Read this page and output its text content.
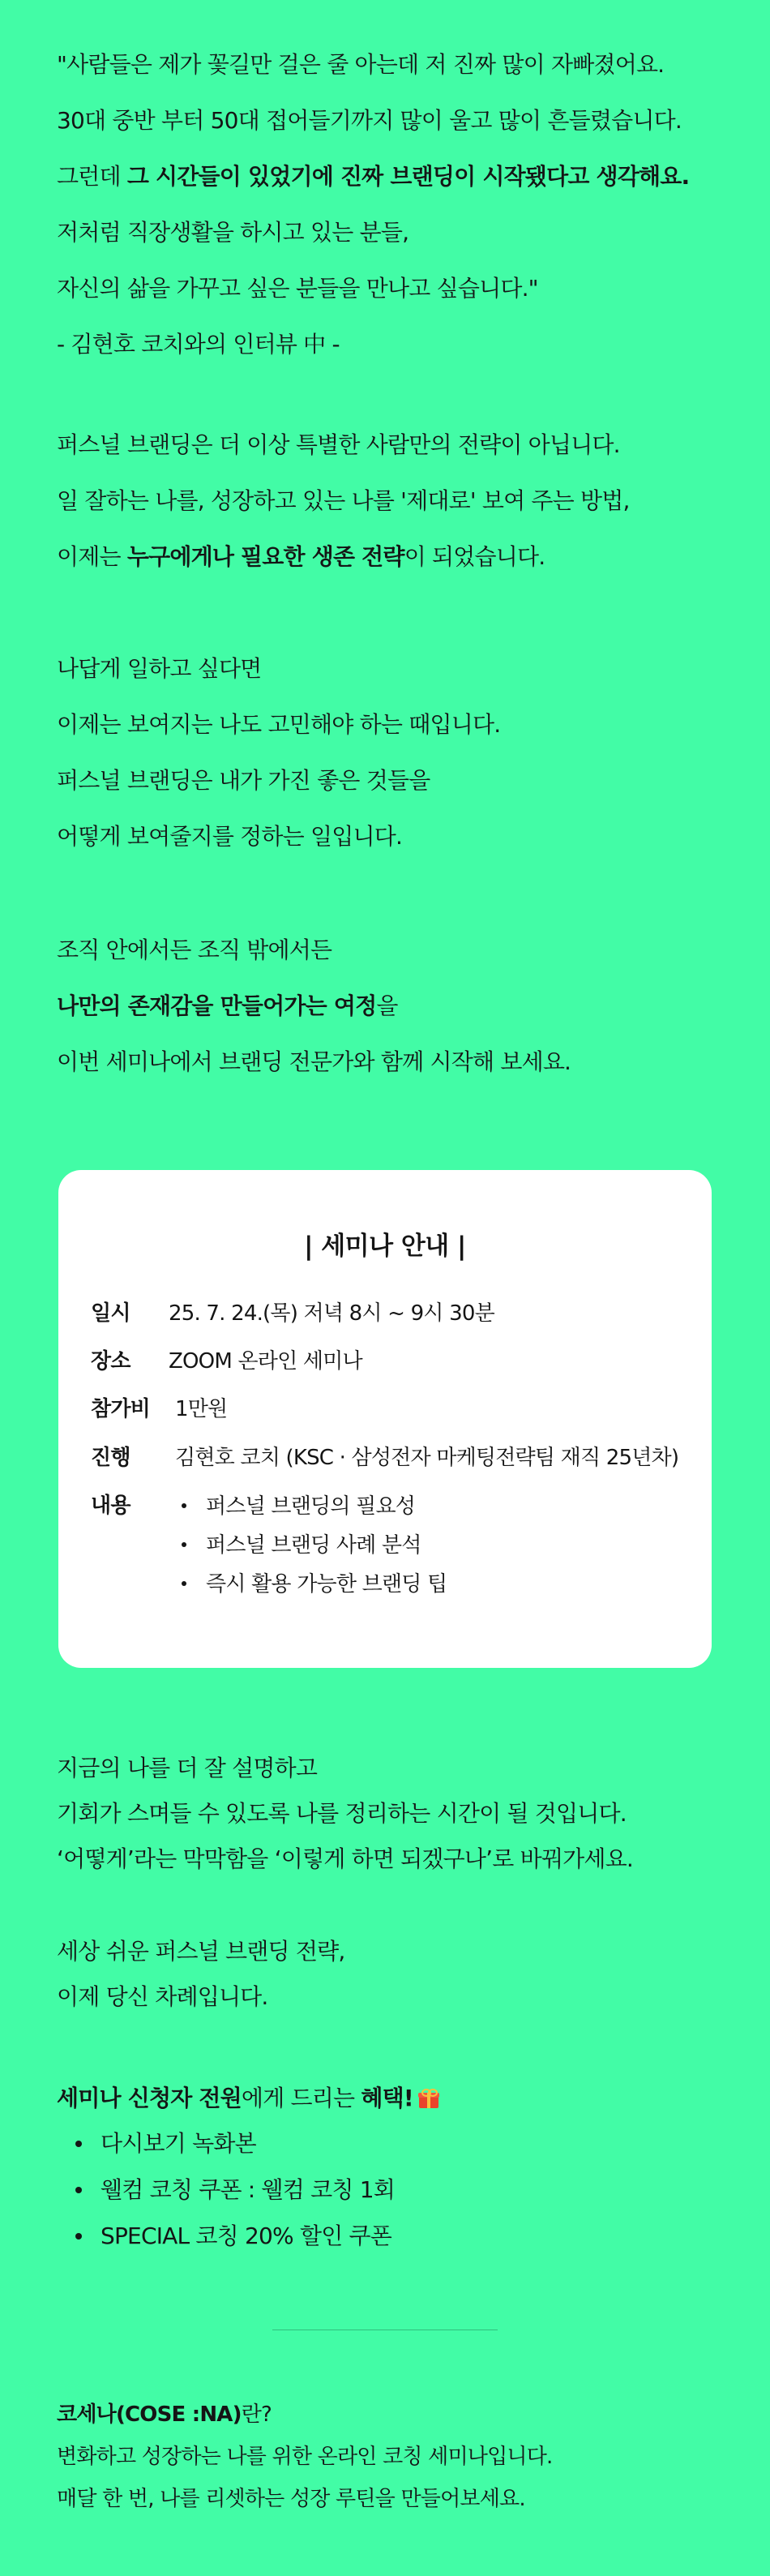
"사람들은 제가 꽃길만 걸은 줄 아는데 저 진짜 많이 자빠졌어요.

30대 중반 부터 50대 접어들기까지 많이 울고 많이 흔들렸습니다.

그런데 그 시간들이 있었기에 진짜 브랜딩이 시작됐다고 생각해요.

저처럼 직장생활을 하시고 있는 분들,

자신의 삶을 가꾸고 싶은 분들을 만나고 싶습니다."

- 김현호 코치와의 인터뷰 中 -

퍼스널 브랜딩은 더 이상 특별한 사람만의 전략이 아닙니다.

일 잘하는 나를, 성장하고 있는 나를 '제대로' 보여 주는 방법,

이제는 누구에게나 필요한 생존 전략이 되었습니다.

나답게 일하고 싶다면

이제는 보여지는 나도 고민해야 하는 때입니다.

퍼스널 브랜딩은 내가 가진 좋은 것들을

어떻게 보여줄지를 정하는 일입니다.

조직 안에서든 조직 밖에서든

나만의 존재감을 만들어가는 여정을

이번 세미나에서 브랜딩 전문가와 함께 시작해 보세요.

| 세미나 안내 |
일시 25. 7. 24.(목) 저녁 8시 ~ 9시 30분
장소 ZOOM 온라인 세미나
참가비 1만원
진행 김현호 코치 (KSC · 삼성전자 마케팅전략팀 재직 25년차)
내용	퍼스널 브랜딩의 필요성
퍼스널 브랜딩 사례 분석
즉시 활용 가능한 브랜딩 팁

지금의 나를 더 잘 설명하고

기회가 스며들 수 있도록 나를 정리하는 시간이 될 것입니다.

‘어떻게’라는 막막함을 ‘이렇게 하면 되겠구나’로 바꿔가세요.

세상 쉬운 퍼스널 브랜딩 전략,

이제 당신 차례입니다.

세미나 신청자 전원에게 드리는 혜택!

다시보기 녹화본
웰컴 코칭 쿠폰 : 웰컴 코칭 1회
SPECIAL 코칭 20% 할인 쿠폰

코세나(COSE :NA)란?

변화하고 성장하는 나를 위한 온라인 코칭 세미나입니다.

매달 한 번, 나를 리셋하는 성장 루틴을 만들어보세요.
